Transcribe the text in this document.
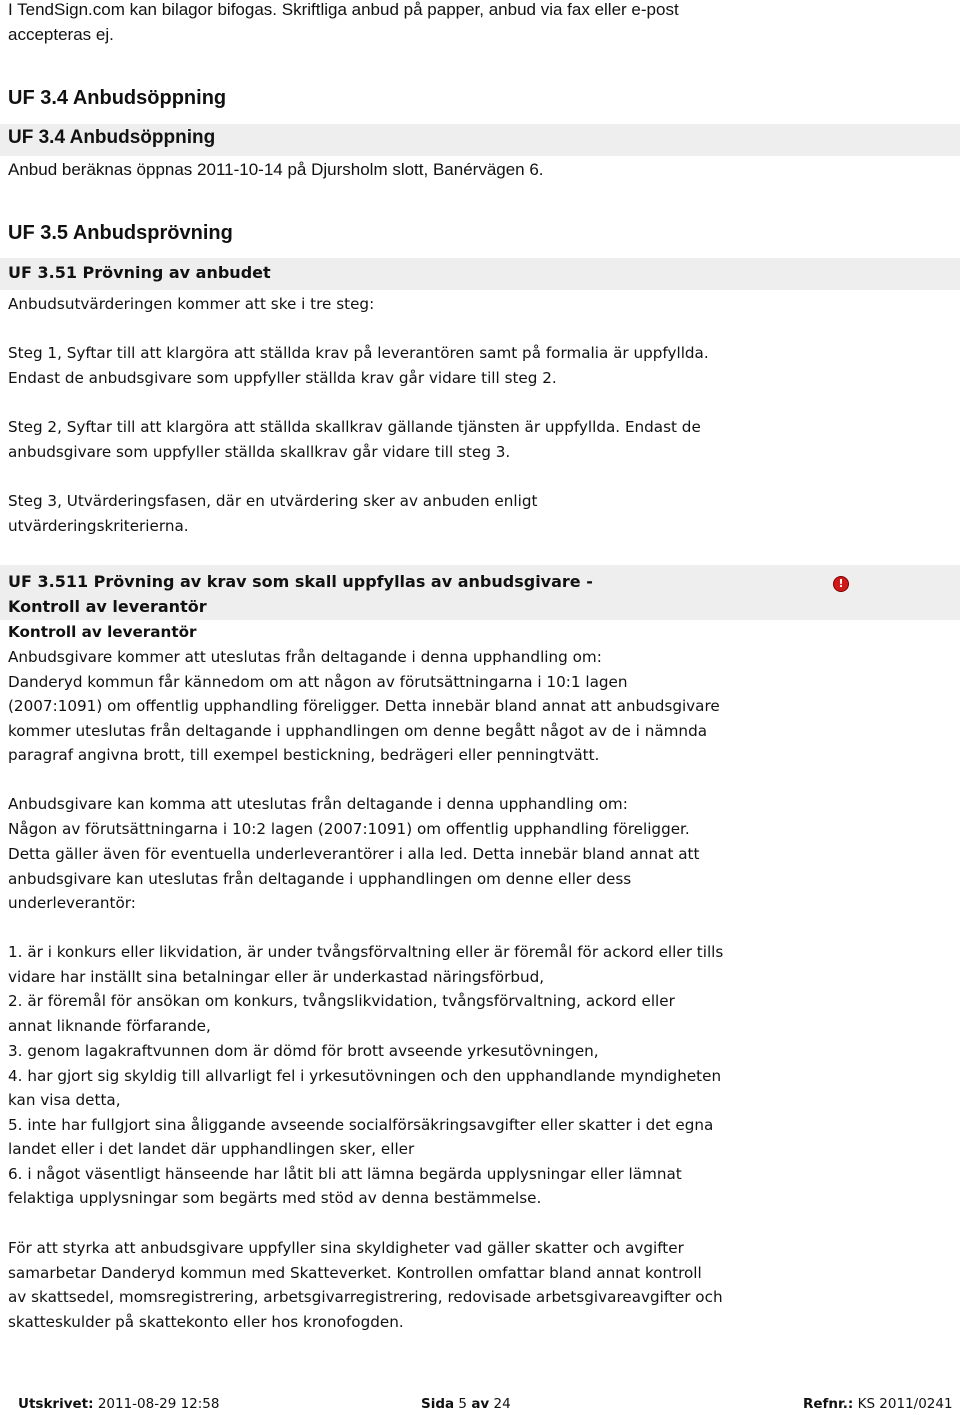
I TendSign.com kan bilagor bifogas. Skriftliga anbud på papper, anbud via fax eller e-post
accepteras ej.
UF 3.4 Anbudsöppning
UF 3.4 Anbudsöppning
Anbud beräknas öppnas 2011-10-14 på Djursholm slott, Banérvägen 6.
UF 3.5 Anbudsprövning
UF 3.51 Prövning av anbudet
Anbudsutvärderingen kommer att ske i tre steg:
Steg 1, Syftar till att klargöra att ställda krav på leverantören samt på formalia är uppfyllda.
Endast de anbudsgivare som uppfyller ställda krav går vidare till steg 2.
Steg 2, Syftar till att klargöra att ställda skallkrav gällande tjänsten är uppfyllda. Endast de
anbudsgivare som uppfyller ställda skallkrav går vidare till steg 3.
Steg 3, Utvärderingsfasen, där en utvärdering sker av anbuden enligt
utvärderingskriterierna.
UF 3.511 Prövning av krav som skall uppfyllas av anbudsgivare -
Kontroll av leverantör
!
Kontroll av leverantör
Anbudsgivare kommer att uteslutas från deltagande i denna upphandling om:
Danderyd kommun får kännedom om att någon av förutsättningarna i 10:1 lagen
(2007:1091) om offentlig upphandling föreligger. Detta innebär bland annat att anbudsgivare
kommer uteslutas från deltagande i upphandlingen om denne begått något av de i nämnda
paragraf angivna brott, till exempel bestickning, bedrägeri eller penningtvätt.
Anbudsgivare kan komma att uteslutas från deltagande i denna upphandling om:
Någon av förutsättningarna i 10:2 lagen (2007:1091) om offentlig upphandling föreligger.
Detta gäller även för eventuella underleverantörer i alla led. Detta innebär bland annat att
anbudsgivare kan uteslutas från deltagande i upphandlingen om denne eller dess
underleverantör:
1. är i konkurs eller likvidation, är under tvångsförvaltning eller är föremål för ackord eller tills
vidare har inställt sina betalningar eller är underkastad näringsförbud,
2. är föremål för ansökan om konkurs, tvångslikvidation, tvångsförvaltning, ackord eller
annat liknande förfarande,
3. genom lagakraftvunnen dom är dömd för brott avseende yrkesutövningen,
4. har gjort sig skyldig till allvarligt fel i yrkesutövningen och den upphandlande myndigheten
kan visa detta,
5. inte har fullgjort sina åliggande avseende socialförsäkringsavgifter eller skatter i det egna
landet eller i det landet där upphandlingen sker, eller
6. i något väsentligt hänseende har låtit bli att lämna begärda upplysningar eller lämnat
felaktiga upplysningar som begärts med stöd av denna bestämmelse.
För att styrka att anbudsgivare uppfyller sina skyldigheter vad gäller skatter och avgifter
samarbetar Danderyd kommun med Skatteverket. Kontrollen omfattar bland annat kontroll
av skattsedel, momsregistrering, arbetsgivarregistrering, redovisade arbetsgivareavgifter och
skatteskulder på skattekonto eller hos kronofogden.
Utskrivet: 2011-08-29 12:58	Sida 5 av 24	Refnr.: KS 2011/0241
